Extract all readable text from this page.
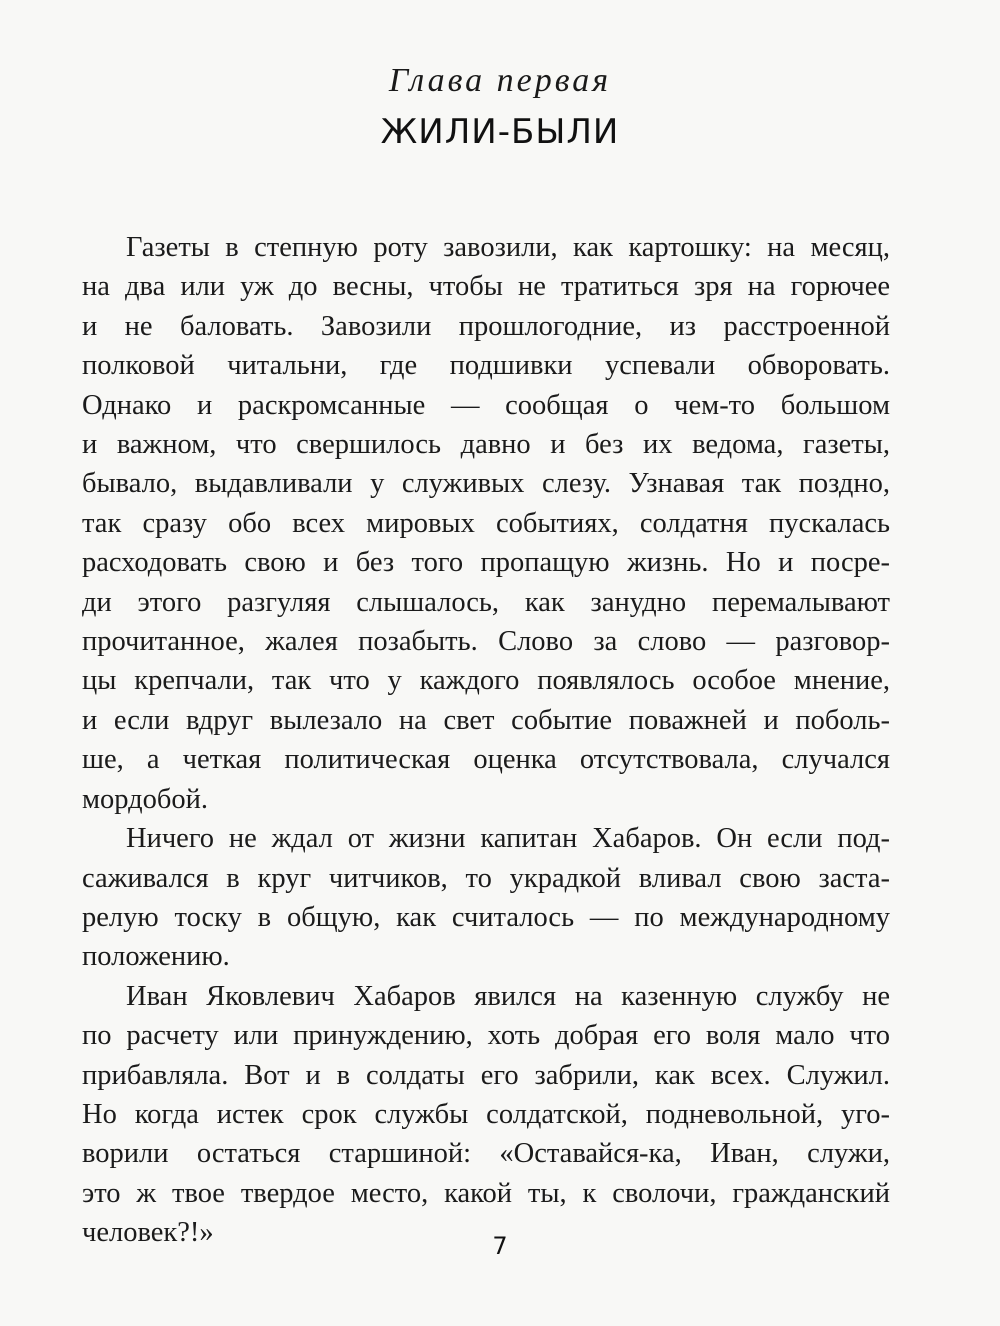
Глава первая
ЖИЛИ-БЫЛИ

Газеты в степную роту завозили, как картошку: на месяц,
на два или уж до весны, чтобы не тратиться зря на горючее
и не баловать. Завозили прошлогодние, из расстроенной
полковой читальни, где подшивки успевали обворовать.
Однако и раскромсанные — сообщая о чем-то большом
и важном, что свершилось давно и без их ведома, газеты,
бывало, выдавливали у служивых слезу. Узнавая так поздно,
так сразу обо всех мировых событиях, солдатня пускалась
расходовать свою и без того пропащую жизнь. Но и посре-
ди этого разгуляя слышалось, как занудно перемалывают
прочитанное, жалея позабыть. Слово за слово — разговор-
цы крепчали, так что у каждого появлялось особое мнение,
и если вдруг вылезало на свет событие поважней и поболь-
ше, а четкая политическая оценка отсутствовала, случался
мордобой.

Ничего не ждал от жизни капитан Хабаров. Он если под-
саживался в круг читчиков, то украдкой вливал свою заста-
релую тоску в общую, как считалось — по международному
положению.

Иван Яковлевич Хабаров явился на казенную службу не
по расчету или принуждению, хоть добрая его воля мало что
прибавляла. Вот и в солдаты его забрили, как всех. Служил.
Но когда истек срок службы солдатской, подневольной, уго-
ворили остаться старшиной: «Оставайся-ка, Иван, служи,
это ж твое твердое место, какой ты, к сволочи, гражданский
человек?!»	7
